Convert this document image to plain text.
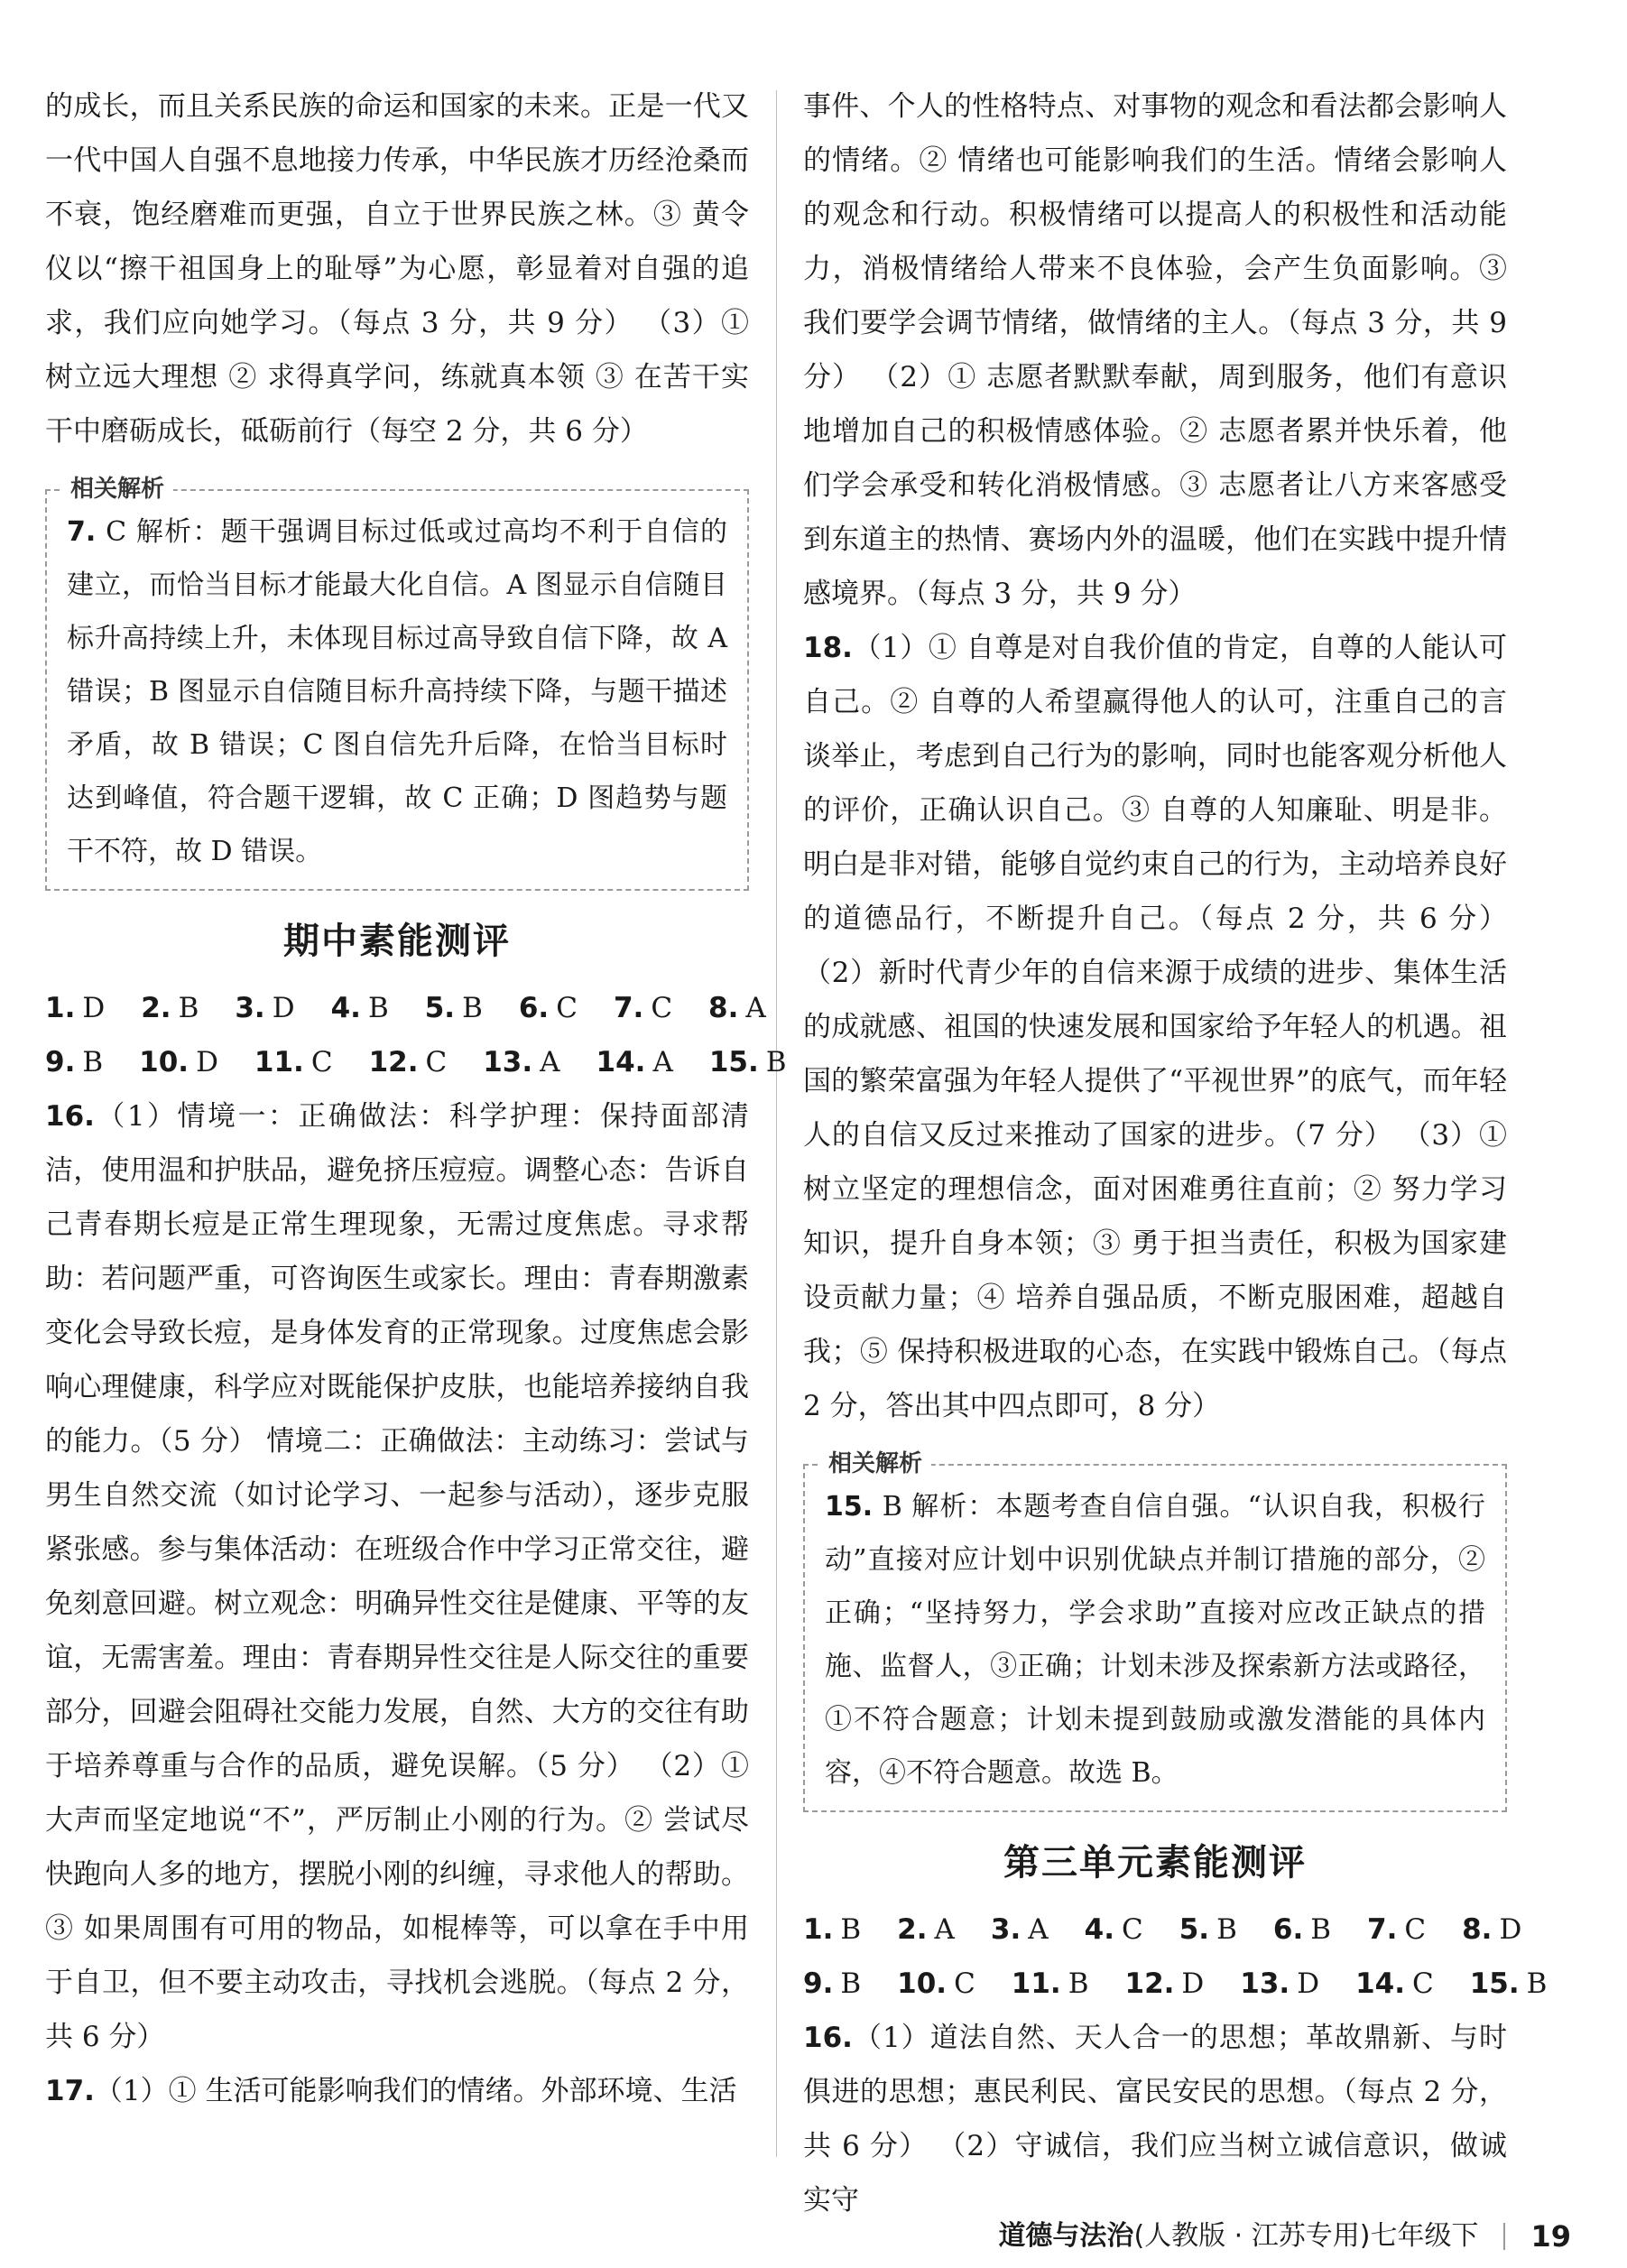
的成长，而且关系民族的命运和国家的未来。正是一代又一代中国人自强不息地接力传承，中华民族才历经沧桑而不衰，饱经磨难而更强，自立于世界民族之林。③ 黄令仪以“擦干祖国身上的耻辱”为心愿，彰显着对自强的追求，我们应向她学习。（每点 3 分，共 9 分） （3）① 树立远大理想 ② 求得真学问，练就真本领 ③ 在苦干实干中磨砺成长，砥砺前行（每空 2 分，共 6 分）

相关解析

7. C 解析：题干强调目标过低或过高均不利于自信的建立，而恰当目标才能最大化自信。A 图显示自信随目标升高持续上升，未体现目标过高导致自信下降，故 A 错误；B 图显示自信随目标升高持续下降，与题干描述矛盾，故 B 错误；C 图自信先升后降，在恰当目标时达到峰值，符合题干逻辑，故 C 正确；D 图趋势与题干不符，故 D 错误。

期中素能测评
1. D 2. B 3. D 4. B 5. B 6. C 7. C 8. A
9. B 10. D 11. C 12. C 13. A 14. A 15. B

16.（1）情境一：正确做法：科学护理：保持面部清洁，使用温和护肤品，避免挤压痘痘。调整心态：告诉自己青春期长痘是正常生理现象，无需过度焦虑。寻求帮助：若问题严重，可咨询医生或家长。理由：青春期激素变化会导致长痘，是身体发育的正常现象。过度焦虑会影响心理健康，科学应对既能保护皮肤，也能培养接纳自我的能力。（5 分） 情境二：正确做法：主动练习：尝试与男生自然交流（如讨论学习、一起参与活动），逐步克服紧张感。参与集体活动：在班级合作中学习正常交往，避免刻意回避。树立观念：明确异性交往是健康、平等的友谊，无需害羞。理由：青春期异性交往是人际交往的重要部分，回避会阻碍社交能力发展，自然、大方的交往有助于培养尊重与合作的品质，避免误解。（5 分） （2）① 大声而坚定地说“不”，严厉制止小刚的行为。② 尝试尽快跑向人多的地方，摆脱小刚的纠缠，寻求他人的帮助。③ 如果周围有可用的物品，如棍棒等，可以拿在手中用于自卫，但不要主动攻击，寻找机会逃脱。（每点 2 分，共 6 分）

17.（1）① 生活可能影响我们的情绪。外部环境、生活

事件、个人的性格特点、对事物的观念和看法都会影响人的情绪。② 情绪也可能影响我们的生活。情绪会影响人的观念和行动。积极情绪可以提高人的积极性和活动能力，消极情绪给人带来不良体验，会产生负面影响。③ 我们要学会调节情绪，做情绪的主人。（每点 3 分，共 9 分） （2）① 志愿者默默奉献，周到服务，他们有意识地增加自己的积极情感体验。② 志愿者累并快乐着，他们学会承受和转化消极情感。③ 志愿者让八方来客感受到东道主的热情、赛场内外的温暖，他们在实践中提升情感境界。（每点 3 分，共 9 分）

18.（1）① 自尊是对自我价值的肯定，自尊的人能认可自己。② 自尊的人希望赢得他人的认可，注重自己的言谈举止，考虑到自己行为的影响，同时也能客观分析他人的评价，正确认识自己。③ 自尊的人知廉耻、明是非。明白是非对错，能够自觉约束自己的行为，主动培养良好的道德品行，不断提升自己。（每点 2 分，共 6 分） （2）新时代青少年的自信来源于成绩的进步、集体生活的成就感、祖国的快速发展和国家给予年轻人的机遇。祖国的繁荣富强为年轻人提供了“平视世界”的底气，而年轻人的自信又反过来推动了国家的进步。（7 分） （3）① 树立坚定的理想信念，面对困难勇往直前；② 努力学习知识，提升自身本领；③ 勇于担当责任，积极为国家建设贡献力量；④ 培养自强品质，不断克服困难，超越自我；⑤ 保持积极进取的心态，在实践中锻炼自己。（每点 2 分，答出其中四点即可，8 分）

相关解析

15. B 解析：本题考查自信自强。“认识自我，积极行动”直接对应计划中识别优缺点并制订措施的部分，②正确；“坚持努力，学会求助”直接对应改正缺点的措施、监督人，③正确；计划未涉及探索新方法或路径，①不符合题意；计划未提到鼓励或激发潜能的具体内容，④不符合题意。故选 B。

第三单元素能测评
1. B 2. A 3. A 4. C 5. B 6. B 7. C 8. D
9. B 10. C 11. B 12. D 13. D 14. C 15. B

16.（1）道法自然、天人合一的思想；革故鼎新、与时俱进的思想；惠民利民、富民安民的思想。（每点 2 分，共 6 分） （2）守诚信，我们应当树立诚信意识，做诚实守

道德与法治 (人教版 · 江苏专用)七年级下 19
